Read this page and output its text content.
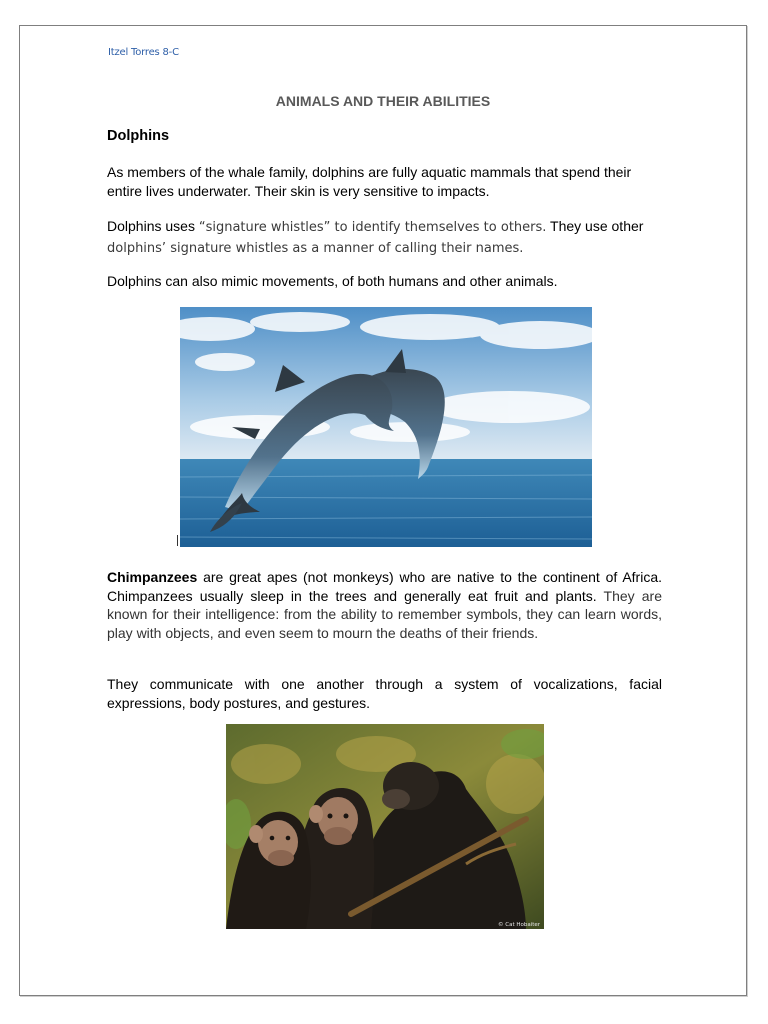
Itzel Torres 8-C
ANIMALS AND THEIR ABILITIES
Dolphins
As members of the whale family, dolphins are fully aquatic mammals that spend their entire lives underwater. Their skin is very sensitive to impacts.
Dolphins uses “signature whistles” to identify themselves to others. They use other dolphins’ signature whistles as a manner of calling their names.
Dolphins can also mimic movements, of both humans and other animals.
Chimpanzees are great apes (not monkeys) who are native to the continent of Africa. Chimpanzees usually sleep in the trees and generally eat fruit and plants. They are known for their intelligence: from the ability to remember symbols, they can learn words, play with objects, and even seem to mourn the deaths of their friends.
They communicate with one another through a system of vocalizations, facial expressions, body postures, and gestures.
© Cat Hobaiter
